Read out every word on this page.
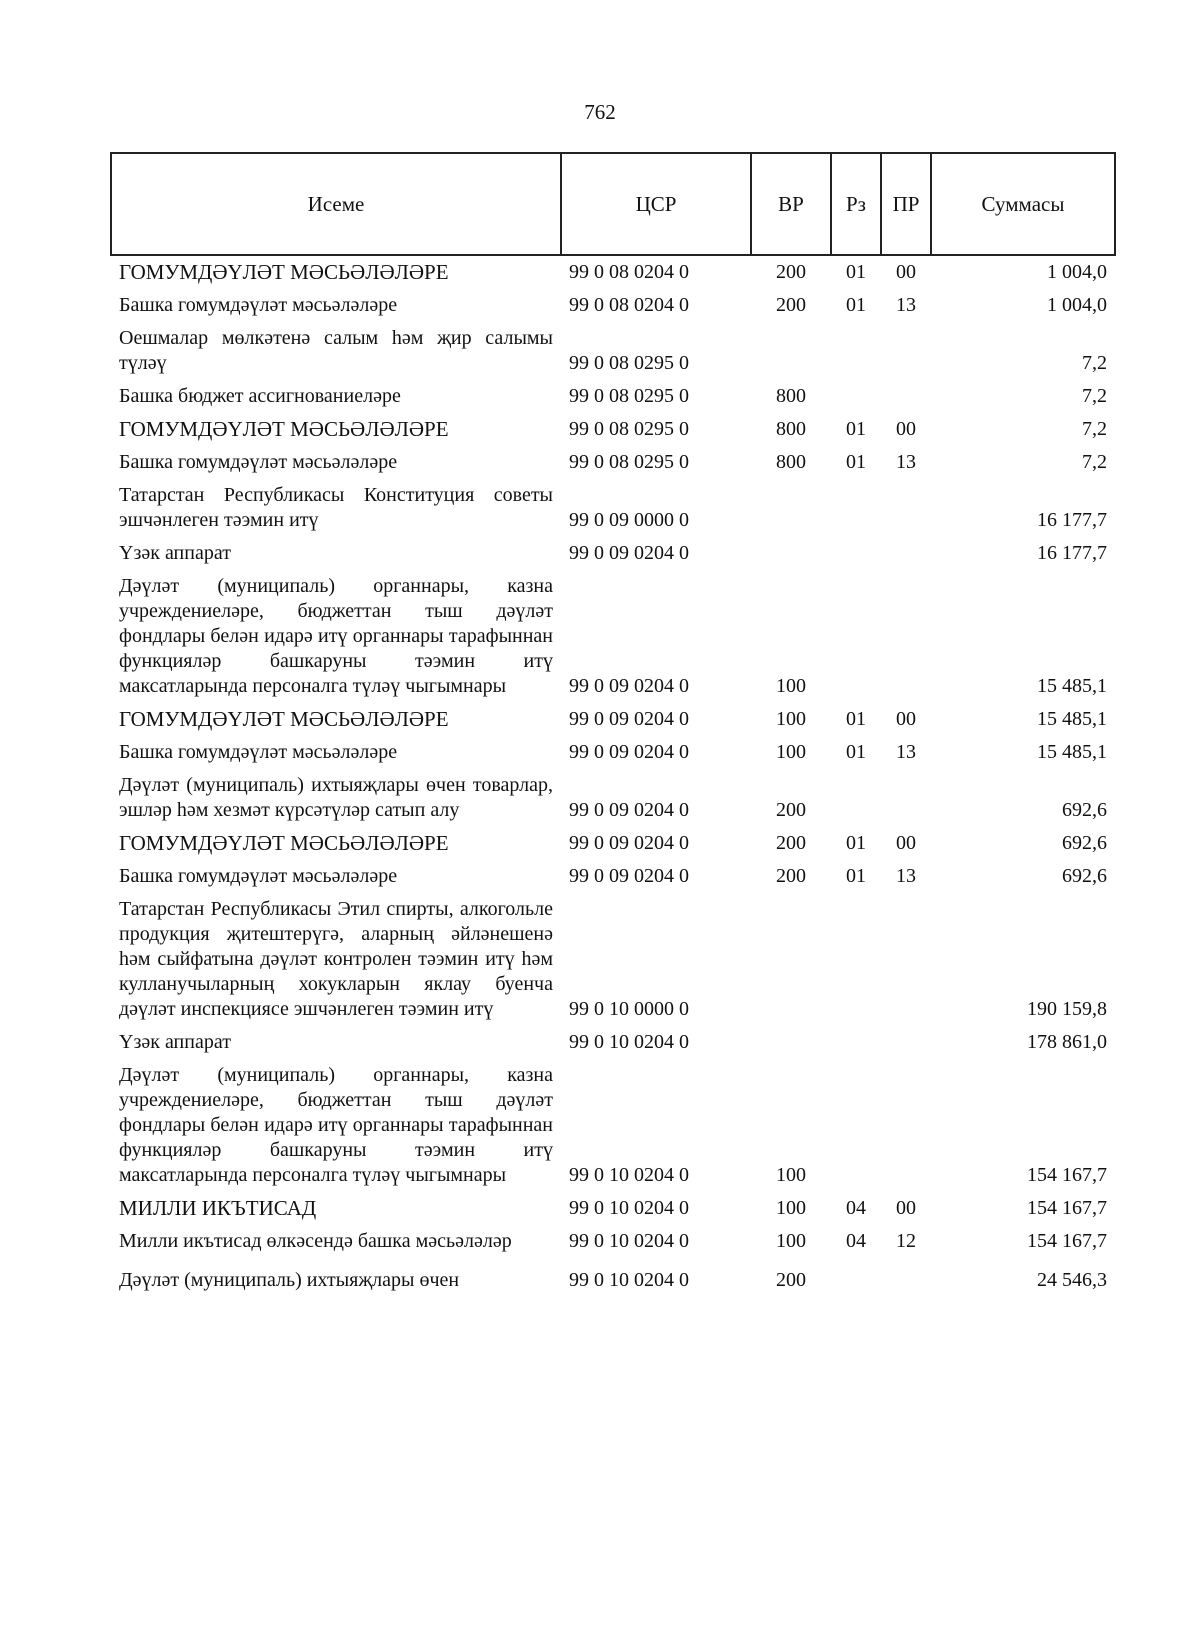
762
Исеме	ЦСР	ВР	Рз	ПР	Суммасы
ГОМУМДӘҮЛӘТ МӘСЬӘЛӘЛӘРЕ	99 0 08 0204 0	200	01	00	1 004,0
Башка гомумдәүләт мәсьәләләре	99 0 08 0204 0	200	01	13	1 004,0
Оешмалар мөлкәтенә салым һәм җир салымы түләү	99 0 08 0295 0				7,2
Башка бюджет ассигнованиеләре	99 0 08 0295 0	800			7,2
ГОМУМДӘҮЛӘТ МӘСЬӘЛӘЛӘРЕ	99 0 08 0295 0	800	01	00	7,2
Башка гомумдәүләт мәсьәләләре	99 0 08 0295 0	800	01	13	7,2
Татарстан Республикасы Конституция советы эшчәнлеген тәэмин итү	99 0 09 0000 0				16 177,7
Үзәк аппарат	99 0 09 0204 0				16 177,7
Дәүләт (муниципаль) органнары, казна учреждениеләре, бюджеттан тыш дәүләт фондлары белән идарә итү органнары тарафыннан функцияләр башкаруны тәэмин итү максатларында персоналга түләү чыгымнары	99 0 09 0204 0	100			15 485,1
ГОМУМДӘҮЛӘТ МӘСЬӘЛӘЛӘРЕ	99 0 09 0204 0	100	01	00	15 485,1
Башка гомумдәүләт мәсьәләләре	99 0 09 0204 0	100	01	13	15 485,1
Дәүләт (муниципаль) ихтыяҗлары өчен товарлар, эшләр һәм хезмәт күрсәтүләр сатып алу	99 0 09 0204 0	200			692,6
ГОМУМДӘҮЛӘТ МӘСЬӘЛӘЛӘРЕ	99 0 09 0204 0	200	01	00	692,6
Башка гомумдәүләт мәсьәләләре	99 0 09 0204 0	200	01	13	692,6
Татарстан Республикасы Этил спирты, алкогольле продукция җитештерүгә, аларның әйләнешенә һәм сыйфатына дәүләт контролен тәэмин итү һәм кулланучыларның хокукларын яклау буенча дәүләт инспекциясе эшчәнлеген тәэмин итү	99 0 10 0000 0				190 159,8
Үзәк аппарат	99 0 10 0204 0				178 861,0
Дәүләт (муниципаль) органнары, казна учреждениеләре, бюджеттан тыш дәүләт фондлары белән идарә итү органнары тарафыннан функцияләр башкаруны тәэмин итү максатларында персоналга түләү чыгымнары	99 0 10 0204 0	100			154 167,7
МИЛЛИ ИКЪТИСАД	99 0 10 0204 0	100	04	00	154 167,7
Милли икътисад өлкәсендә башка мәсьәләләр	99 0 10 0204 0	100	04	12	154 167,7
Дәүләт (муниципаль) ихтыяҗлары өчен	99 0 10 0204 0	200			24 546,3
